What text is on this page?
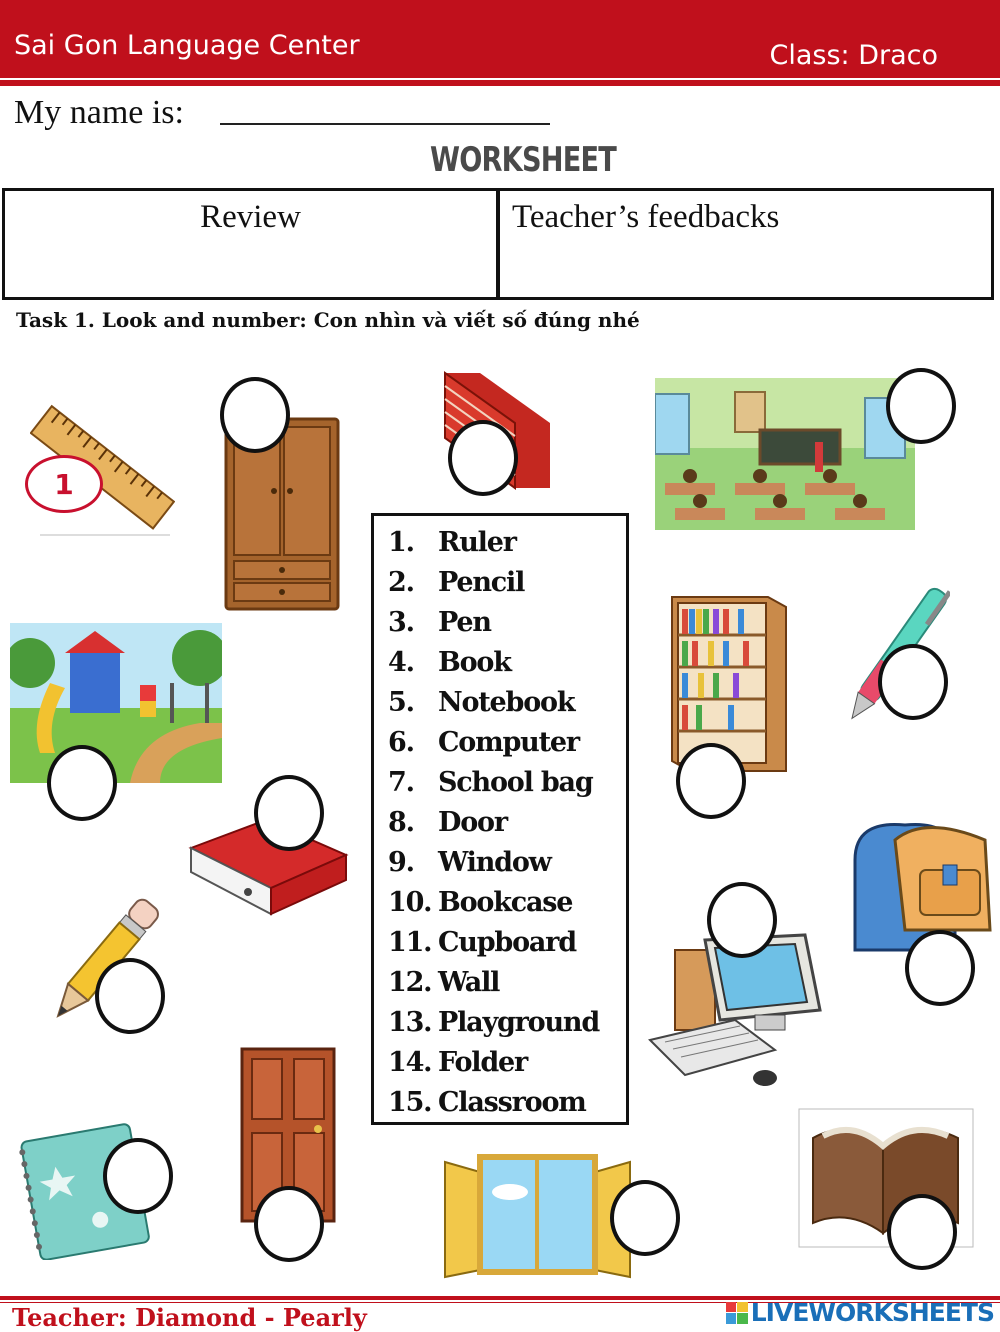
Sai Gon Language Center	Class: Draco
My name is:
WORKSHEET
Review	Teacher’s feedbacks
Task 1. Look and number: Con nhìn và viết số đúng nhé
1. Ruler
2. Pencil
3. Pen
4. Book
5. Notebook
6. Computer
7. School bag
8. Door
9. Window
10. Bookcase
11. Cupboard
12. Wall
13. Playground
14. Folder
15. Classroom
1
Teacher: Diamond - Pearly	LIVEWORKSHEETS
